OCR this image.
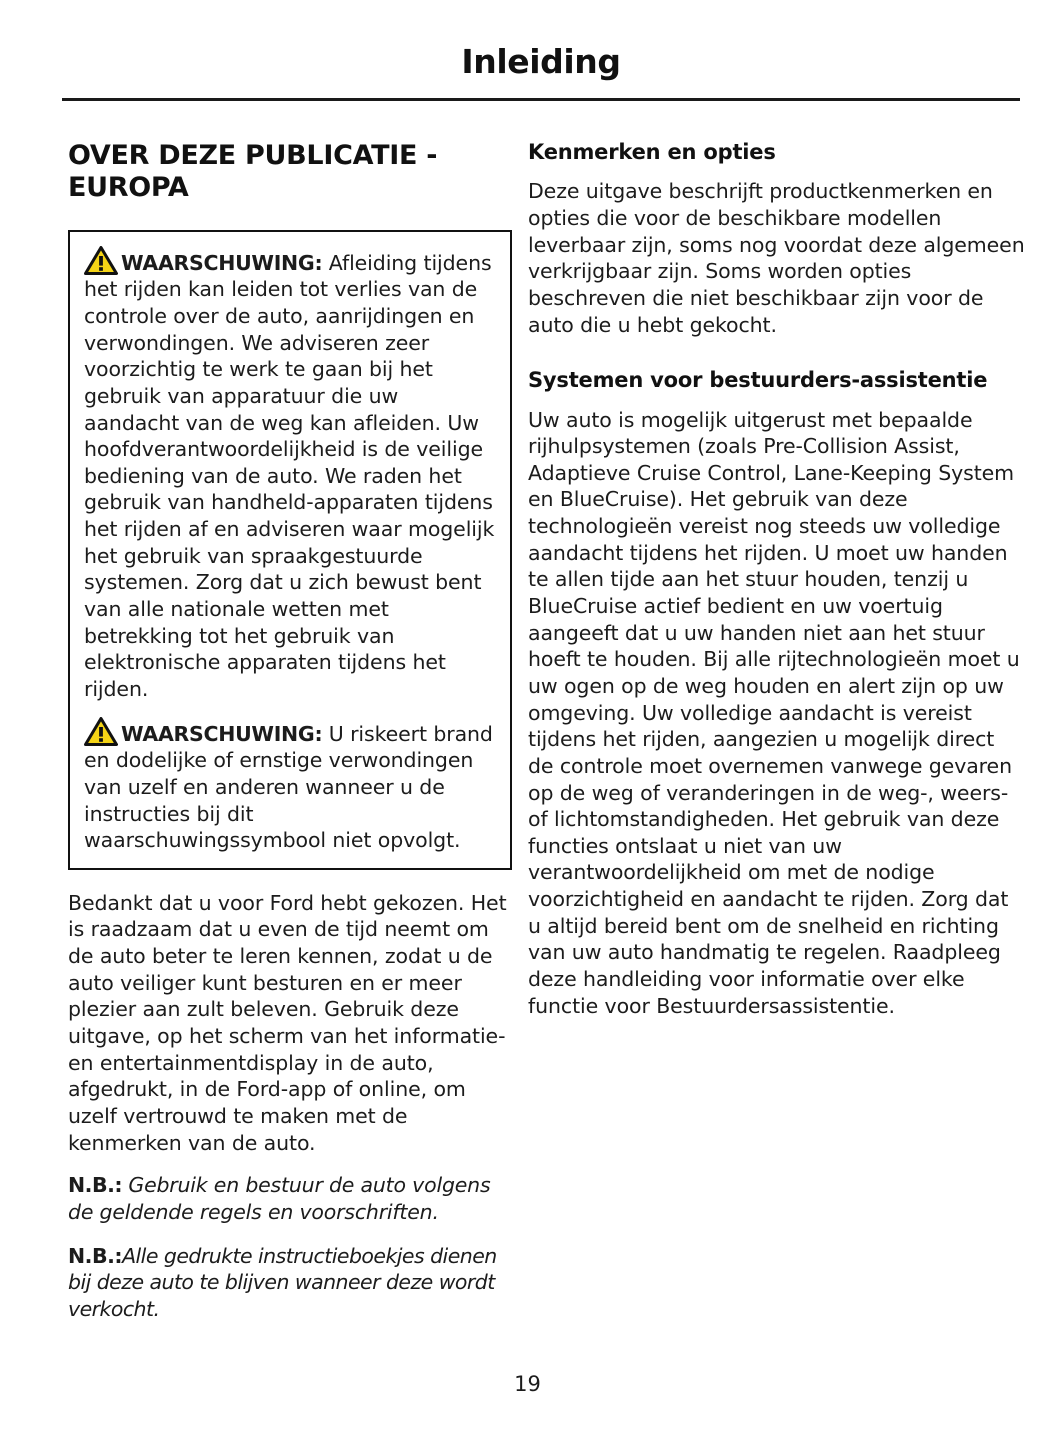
Inleiding
OVER DEZE PUBLICATIE - EUROPA

WAARSCHUWING: Afleiding tijdens het rijden kan leiden tot verlies van de controle over de auto, aanrijdingen en verwondingen. We adviseren zeer voorzichtig te werk te gaan bij het gebruik van apparatuur die uw aandacht van de weg kan afleiden. Uw hoofdverantwoordelijkheid is de veilige bediening van de auto. We raden het gebruik van handheld-apparaten tijdens het rijden af en adviseren waar mogelijk het gebruik van spraakgestuurde systemen. Zorg dat u zich bewust bent van alle nationale wetten met betrekking tot het gebruik van elektronische apparaten tijdens het rijden.

WAARSCHUWING: U riskeert brand en dodelijke of ernstige verwondingen van uzelf en anderen wanneer u de instructies bij dit waarschuwingssymbool niet opvolgt.

Bedankt dat u voor Ford hebt gekozen. Het is raadzaam dat u even de tijd neemt om de auto beter te leren kennen, zodat u de auto veiliger kunt besturen en er meer plezier aan zult beleven. Gebruik deze uitgave, op het scherm van het informatie- en entertainmentdisplay in de auto, afgedrukt, in de Ford-app of online, om uzelf vertrouwd te maken met de kenmerken van de auto.

N.B.: Gebruik en bestuur de auto volgens de geldende regels en voorschriften.

N.B.:Alle gedrukte instructieboekjes dienen bij deze auto te blijven wanneer deze wordt verkocht.

Kenmerken en opties

Deze uitgave beschrijft productkenmerken en opties die voor de beschikbare modellen leverbaar zijn, soms nog voordat deze algemeen verkrijgbaar zijn. Soms worden opties beschreven die niet beschikbaar zijn voor de auto die u hebt gekocht.

Systemen voor bestuurders-assistentie

Uw auto is mogelijk uitgerust met bepaalde rijhulpsystemen (zoals Pre-Collision Assist, Adaptieve Cruise Control, Lane-Keeping System en BlueCruise). Het gebruik van deze technologieën vereist nog steeds uw volledige aandacht tijdens het rijden. U moet uw handen te allen tijde aan het stuur houden, tenzij u BlueCruise actief bedient en uw voertuig aangeeft dat u uw handen niet aan het stuur hoeft te houden. Bij alle rijtechnologieën moet u uw ogen op de weg houden en alert zijn op uw omgeving. Uw volledige aandacht is vereist tijdens het rijden, aangezien u mogelijk direct de controle moet overnemen vanwege gevaren op de weg of veranderingen in de weg-, weers- of lichtomstandigheden. Het gebruik van deze functies ontslaat u niet van uw verantwoordelijkheid om met de nodige voorzichtigheid en aandacht te rijden. Zorg dat u altijd bereid bent om de snelheid en richting van uw auto handmatig te regelen. Raadpleeg deze handleiding voor informatie over elke functie voor Bestuurdersassistentie.

19
